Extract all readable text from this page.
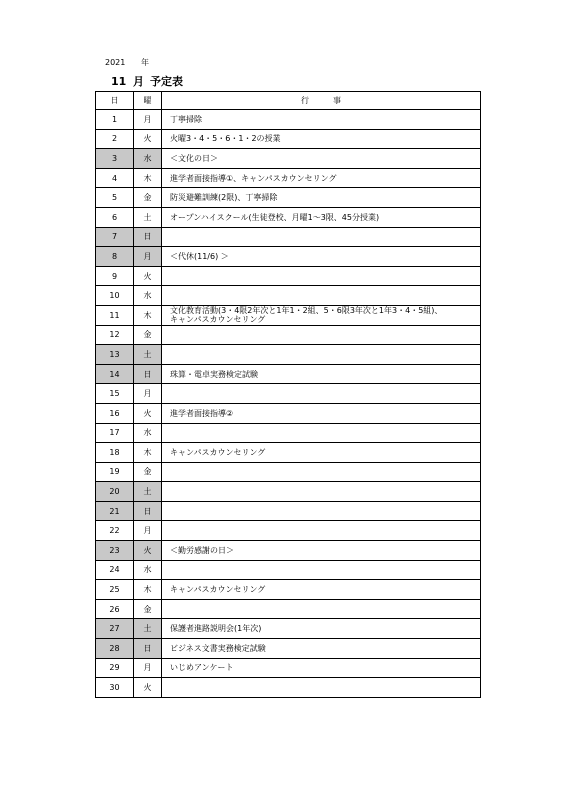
2021 年
11 月 予定表
日	曜	行　　　事
1	月	丁寧掃除
2	火	火曜3・4・5・6・1・2の授業
3	水	＜文化の日＞
4	木	進学者面接指導①、キャンパスカウンセリング
5	金	防災避難訓練(2限)、丁寧掃除
6	土	オープンハイスクール(生徒登校、月曜1～3限、45分授業)
7	日	
8	月	＜代休(11/6) ＞
9	火	
10	水	
11	木	文化教育活動(3・4限2年次と1年1・2組、5・6限3年次と1年3・4・5組)、
キャンパスカウンセリング
12	金	
13	土	
14	日	珠算・電卓実務検定試験
15	月	
16	火	進学者面接指導②
17	水	
18	木	キャンパスカウンセリング
19	金	
20	土	
21	日	
22	月	
23	火	＜勤労感謝の日＞
24	水	
25	木	キャンパスカウンセリング
26	金	
27	土	保護者進路説明会(1年次)
28	日	ビジネス文書実務検定試験
29	月	いじめアンケート
30	火	
